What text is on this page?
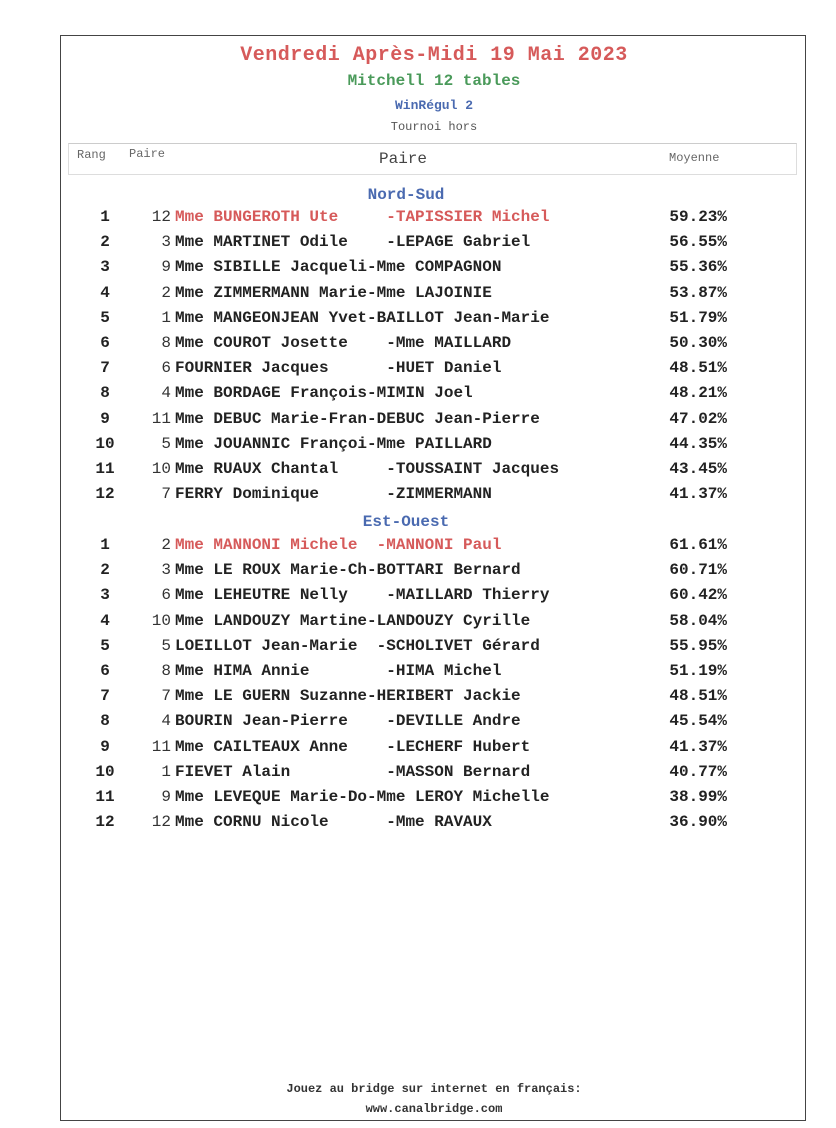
Vendredi Après-Midi 19 Mai 2023
Mitchell 12 tables
WinRégul 2
Tournoi hors
Rang Paire	Paire	Moyenne
Nord-Sud
1	12 Mme BUNGEROTH Ute     -TAPISSIER Michel	59.23%
2	3 Mme MARTINET Odile    -LEPAGE Gabriel	56.55%
3	9 Mme SIBILLE Jacqueli-Mme COMPAGNON	55.36%
4	2 Mme ZIMMERMANN Marie-Mme LAJOINIE	53.87%
5	1 Mme MANGEONJEAN Yvet-BAILLOT Jean-Marie	51.79%
6	8 Mme COUROT Josette    -Mme MAILLARD	50.30%
7	6 FOURNIER Jacques      -HUET Daniel	48.51%
8	4 Mme BORDAGE François-MIMIN Joel	48.21%
9	11 Mme DEBUC Marie-Fran-DEBUC Jean-Pierre	47.02%
10	5 Mme JOUANNIC Françoi-Mme PAILLARD	44.35%
11	10 Mme RUAUX Chantal     -TOUSSAINT Jacques	43.45%
12	7 FERRY Dominique       -ZIMMERMANN	41.37%
Est-Ouest
1	2 Mme MANNONI Michele  -MANNONI Paul	61.61%
2	3 Mme LE ROUX Marie-Ch-BOTTARI Bernard	60.71%
3	6 Mme LEHEUTRE Nelly    -MAILLARD Thierry	60.42%
4	10 Mme LANDOUZY Martine-LANDOUZY Cyrille	58.04%
5	5 LOEILLOT Jean-Marie  -SCHOLIVET Gérard	55.95%
6	8 Mme HIMA Annie        -HIMA Michel	51.19%
7	7 Mme LE GUERN Suzanne-HERIBERT Jackie	48.51%
8	4 BOURIN Jean-Pierre    -DEVILLE Andre	45.54%
9	11 Mme CAILTEAUX Anne    -LECHERF Hubert	41.37%
10	1 FIEVET Alain          -MASSON Bernard	40.77%
11	9 Mme LEVEQUE Marie-Do-Mme LEROY Michelle	38.99%
12	12 Mme CORNU Nicole      -Mme RAVAUX	36.90%
Jouez au bridge sur internet en français:
www.canalbridge.com
